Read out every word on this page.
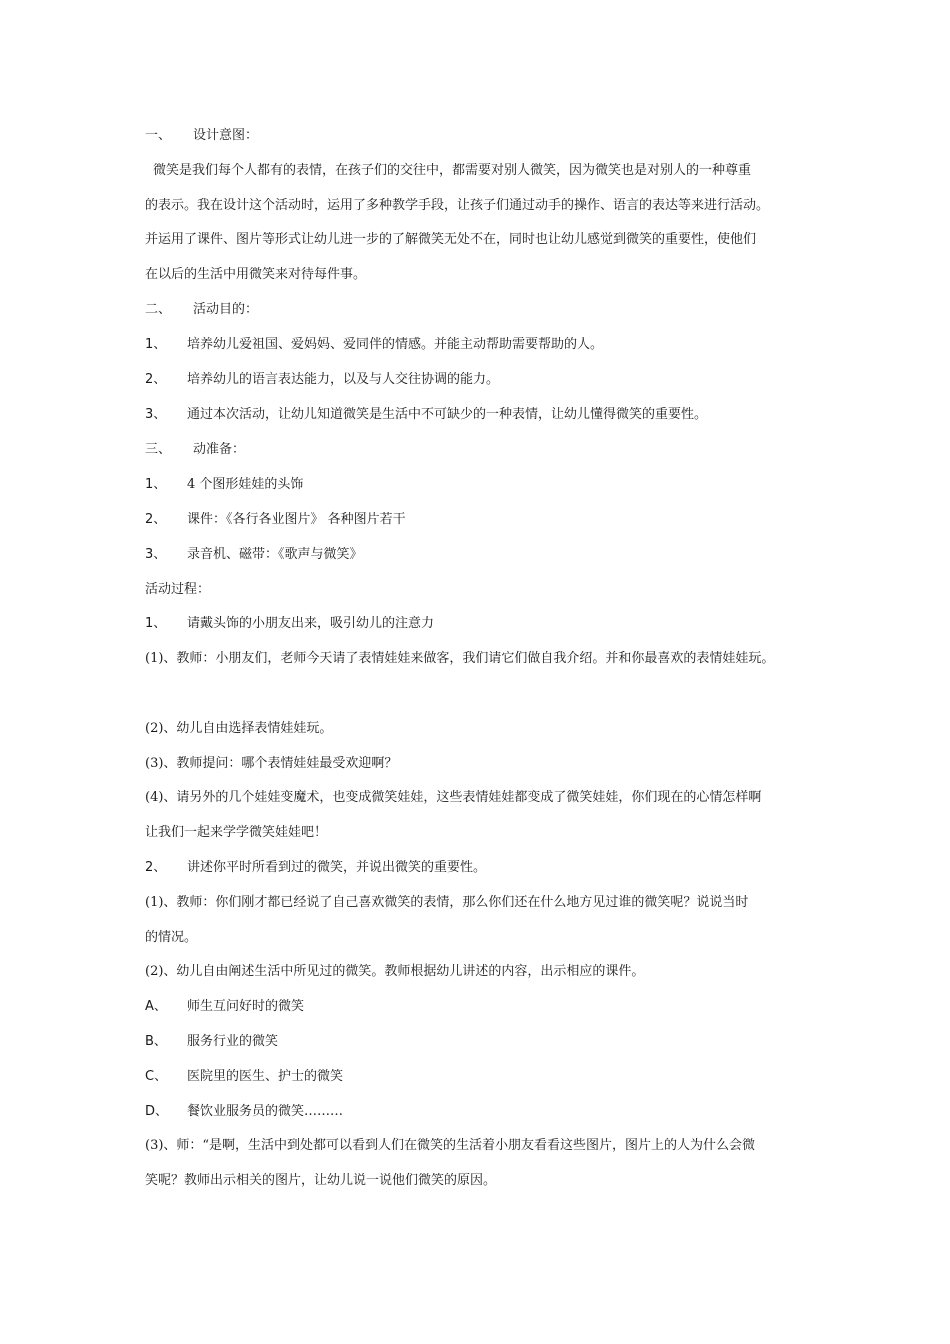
一、 设计意图：
微笑是我们每个人都有的表情，在孩子们的交往中，都需要对别人微笑，因为微笑也是对别人的一种尊重
的表示。我在设计这个活动时，运用了多种教学手段，让孩子们通过动手的操作、语言的表达等来进行活动。
并运用了课件、图片等形式让幼儿进一步的了解微笑无处不在，同时也让幼儿感觉到微笑的重要性，使他们
在以后的生活中用微笑来对待每件事。
二、 活动目的：
1、 培养幼儿爱祖国、爱妈妈、爱同伴的情感。并能主动帮助需要帮助的人。
2、 培养幼儿的语言表达能力，以及与人交往协调的能力。
3、 通过本次活动，让幼儿知道微笑是生活中不可缺少的一种表情，让幼儿懂得微笑的重要性。
三、 动准备：
1、 4 个图形娃娃的头饰
2、 课件：《各行各业图片》 各种图片若干
3、 录音机、磁带：《歌声与微笑》
活动过程：
1、 请戴头饰的小朋友出来，吸引幼儿的注意力
(1)、教师：小朋友们，老师今天请了表情娃娃来做客，我们请它们做自我介绍。并和你最喜欢的表情娃娃玩。
(2)、幼儿自由选择表情娃娃玩。
(3)、教师提问：哪个表情娃娃最受欢迎啊？
(4)、请另外的几个娃娃变魔术，也变成微笑娃娃，这些表情娃娃都变成了微笑娃娃，你们现在的心情怎样啊
让我们一起来学学微笑娃娃吧！
2、 讲述你平时所看到过的微笑，并说出微笑的重要性。
(1)、教师：你们刚才都已经说了自己喜欢微笑的表情，那么你们还在什么地方见过谁的微笑呢？说说当时
的情况。
(2)、幼儿自由阐述生活中所见过的微笑。教师根据幼儿讲述的内容，出示相应的课件。
A、 师生互问好时的微笑
B、 服务行业的微笑
C、 医院里的医生、护士的微笑
D、 餐饮业服务员的微笑………
(3)、师：“是啊，生活中到处都可以看到人们在微笑的生活着小朋友看看这些图片，图片上的人为什么会微
笑呢？教师出示相关的图片，让幼儿说一说他们微笑的原因。
